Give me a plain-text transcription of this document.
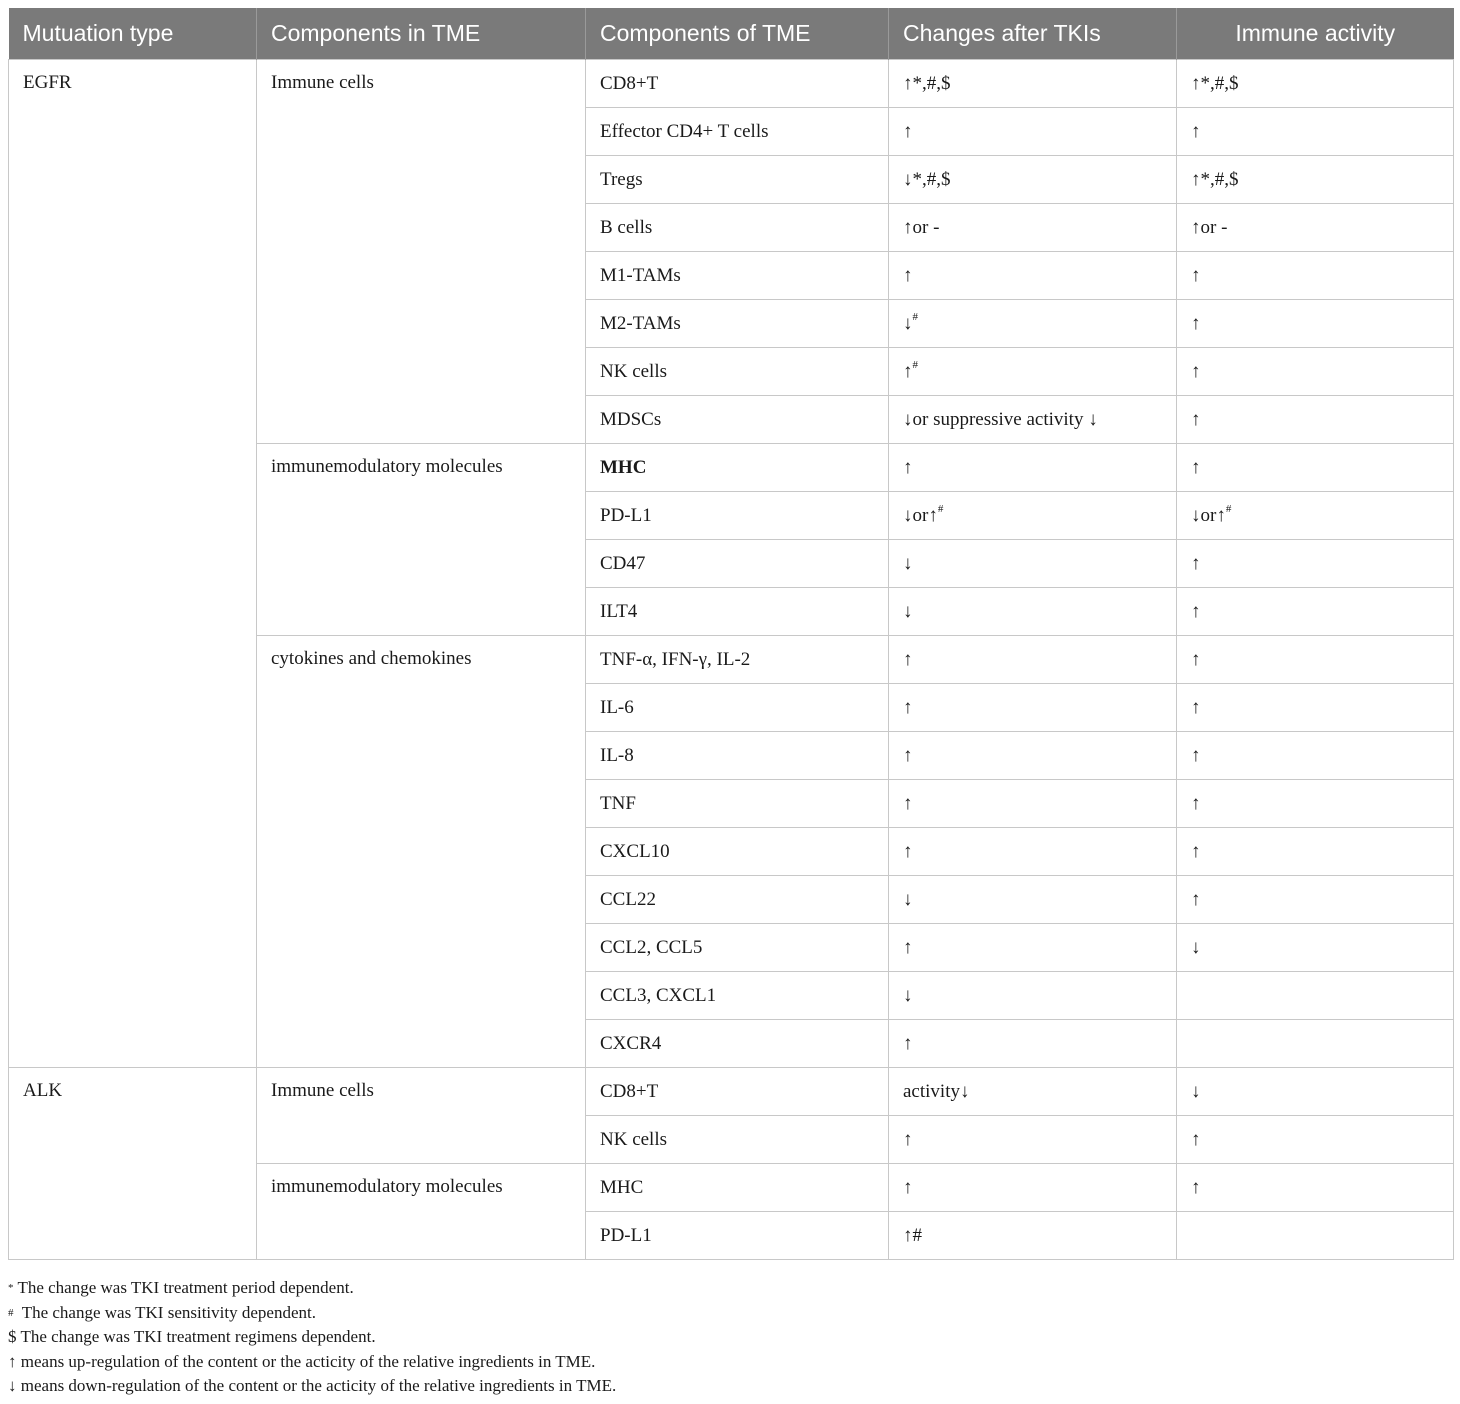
Mutuation type	Components in TME	Components of TME	Changes after TKIs	Immune activity
EGFR	Immune cells	CD8+T	↑*,#,$	↑*,#,$
		Effector CD4+ T cells	↑	↑
		Tregs	↓*,#,$	↑*,#,$
		B cells	↑or -	↑or -
		M1-TAMs	↑	↑
		M2-TAMs	↓#	↑
		NK cells	↑#	↑
		MDSCs	↓or suppressive activity ↓	↑
	immunemodulatory molecules	MHC	↑	↑
		PD-L1	↓or↑#	↓or↑#
		CD47	↓	↑
		ILT4	↓	↑
	cytokines and chemokines	TNF-α, IFN-γ, IL-2	↑	↑
		IL-6	↑	↑
		IL-8	↑	↑
		TNF	↑	↑
		CXCL10	↑	↑
		CCL22	↓	↑
		CCL2, CCL5	↑	↓
		CCL3, CXCL1	↓	
		CXCR4	↑	
ALK	Immune cells	CD8+T	activity↓	↓
		NK cells	↑	↑
	immunemodulatory molecules	MHC	↑	↑
		PD-L1	↑#	
* The change was TKI treatment period dependent.
#  The change was TKI sensitivity dependent.
$ The change was TKI treatment regimens dependent.
↑ means up-regulation of the content or the acticity of the relative ingredients in TME.
↓ means down-regulation of the content or the acticity of the relative ingredients in TME.
